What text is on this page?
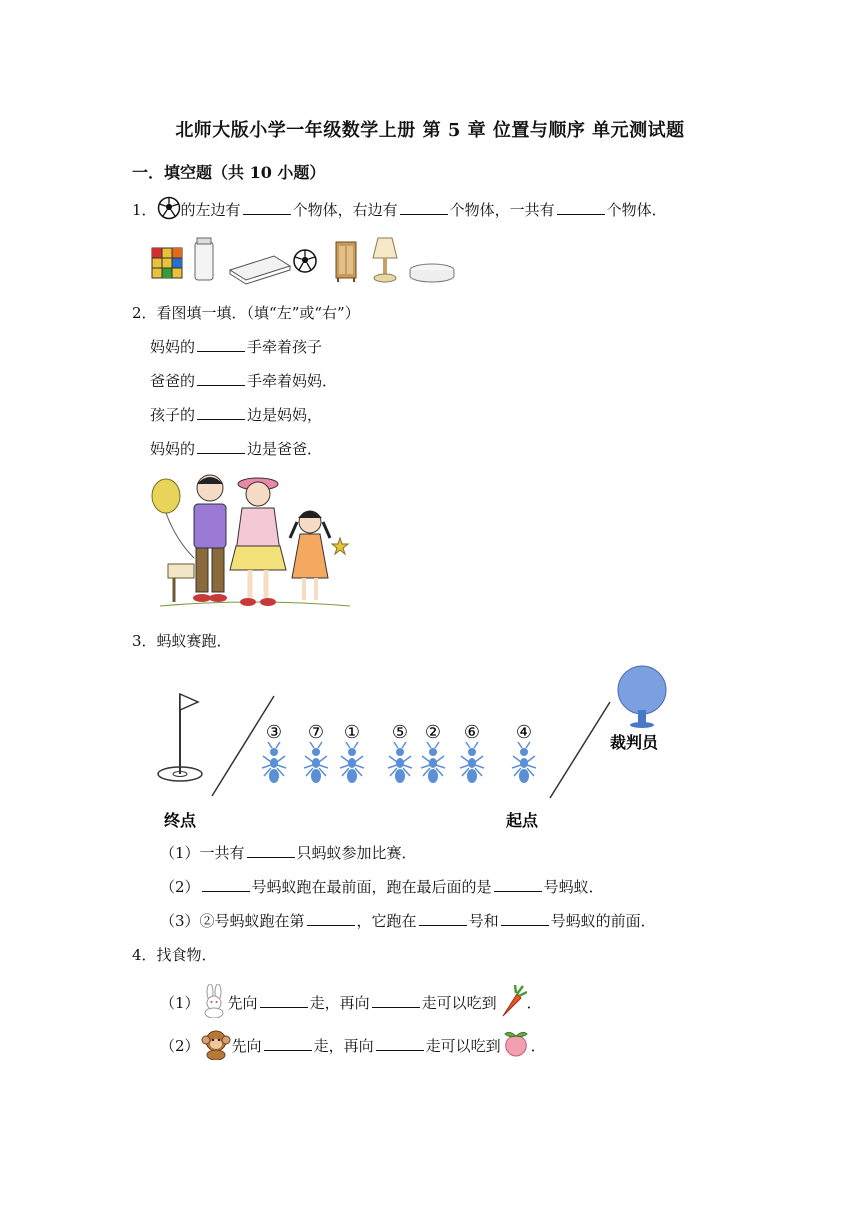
北师大版小学一年级数学上册 第 5 章 位置与顺序 单元测试题
一．填空题（共 10 小题）
1． 的左边有	个物体，右边有	个物体，一共有	个物体．
2．看图填一填．（填“左”或“右”）
妈妈的	手牵着孩子
爸爸的	手牵着妈妈．
孩子的	边是妈妈，
妈妈的	边是爸爸．
3．蚂蚁赛跑．
终点	起点
裁判员
③ ⑦ ① ⑤ ② ⑥ ④
（1）一共有	只蚂蚁参加比赛．
（2）	号蚂蚁跑在最前面，跑在最后面的是	号蚂蚁．
（3）②号蚂蚁跑在第	，它跑在	号和	号蚂蚁的前面．
4．找食物．
（1） 先向	走，再向	走可以吃到 ．
（2） 先向	走，再向	走可以吃到 ．
